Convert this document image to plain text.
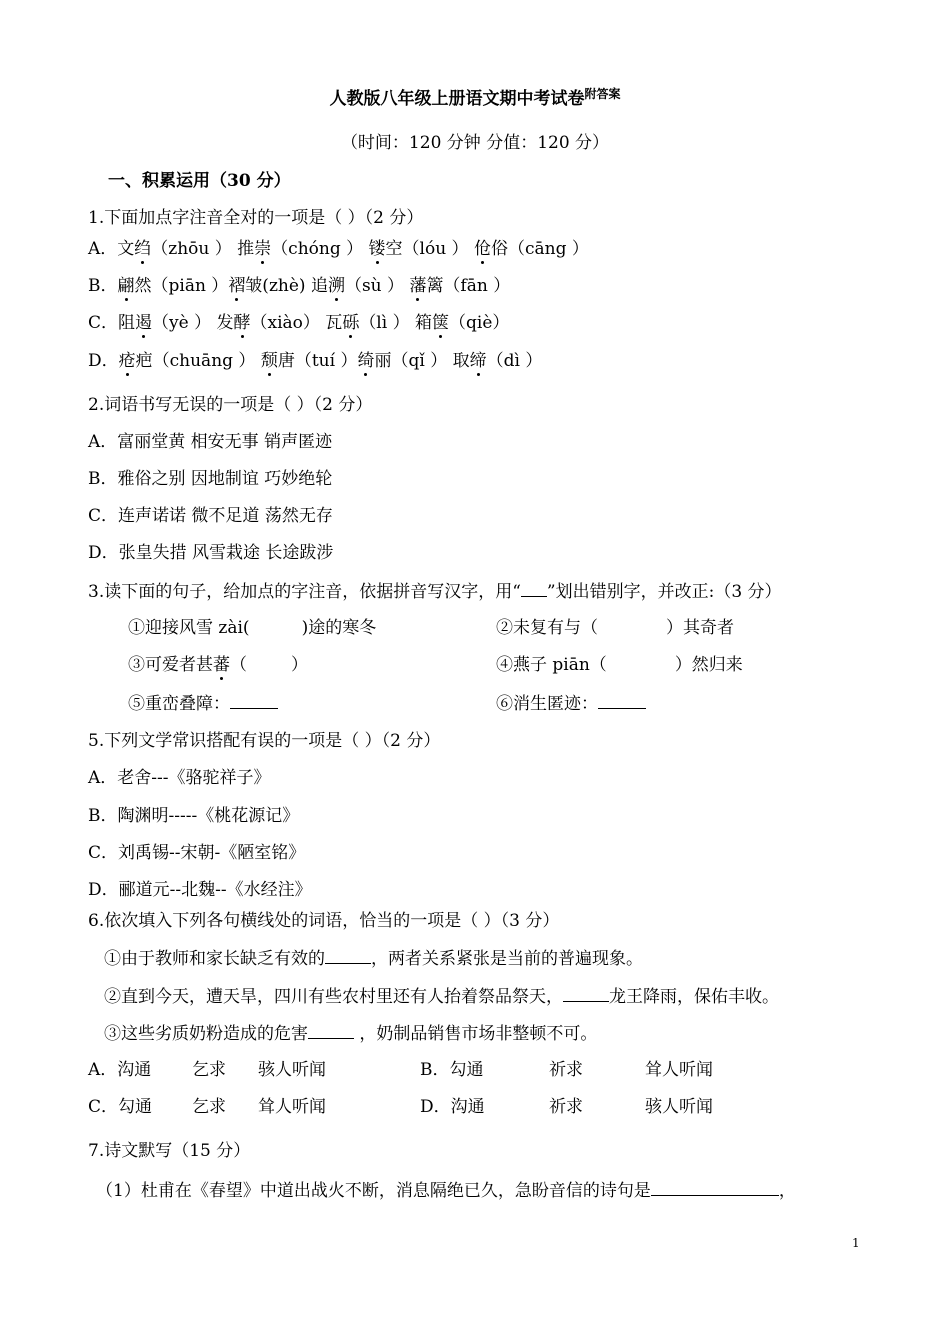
人教版八年级上册语文期中考试卷$^{附答案}$
（时间：120 分钟 分值：120 分）
一、积累运用（30 分）
1.下面加点字注音全对的一项是（ ）（2 分）
A．文绉（zhōu ） 推崇（chóng ） 镂空（lóu ） 伧俗（cāng ）
B．翩然（piān ）褶皱(zhè) 追溯（sù ） 藩篱（fān ）
C．阻遏（yè ） 发酵（xiào） 瓦砾（lì ） 箱箧（qiè）
D．疮疤（chuāng ） 颓唐（tuí ）绮丽（qǐ ） 取缔（dì ）
2.词语书写无误的一项是（ ）（2 分）
A．富丽堂黄 相安无事 销声匿迹
B．雅俗之别 因地制谊 巧妙绝轮
C．连声诺诺 微不足道 荡然无存
D．张皇失措 风雪栽途 长途跋涉
3.读下面的句子，给加点的字注音，依据拼音写汉字，用“ ”划出错别字，并改正:（3 分）
①迎接风雪 zài(	)途的寒冬	②未复有与（	）其奇者
③可爱者甚蕃（	）	④燕子 piān（	）然归来
⑤重峦叠障：	⑥消生匿迹：
5.下列文学常识搭配有误的一项是（ ）（2 分）
A．老舍---《骆驼祥子》
B．陶渊明-----《桃花源记》
C．刘禹锡--宋朝-《陋室铭》
D．郦道元--北魏--《水经注》
6.依次填入下列各句横线处的词语，恰当的一项是（ ）（3 分）
①由于教师和家长缺乏有效的	，两者关系紧张是当前的普遍现象。
②直到今天，遭天旱，四川有些农村里还有人抬着祭品祭天，	龙王降雨，保佑丰收。
③这些劣质奶粉造成的危害	，奶制品销售市场非整顿不可。
A．沟通 乞求 骇人听闻	B．勾通	祈求	耸人听闻
C．勾通 乞求 耸人听闻	D．沟通	祈求	骇人听闻
7.诗文默写（15 分）
（1）杜甫在《春望》中道出战火不断，消息隔绝已久，急盼音信的诗句是	，
1
